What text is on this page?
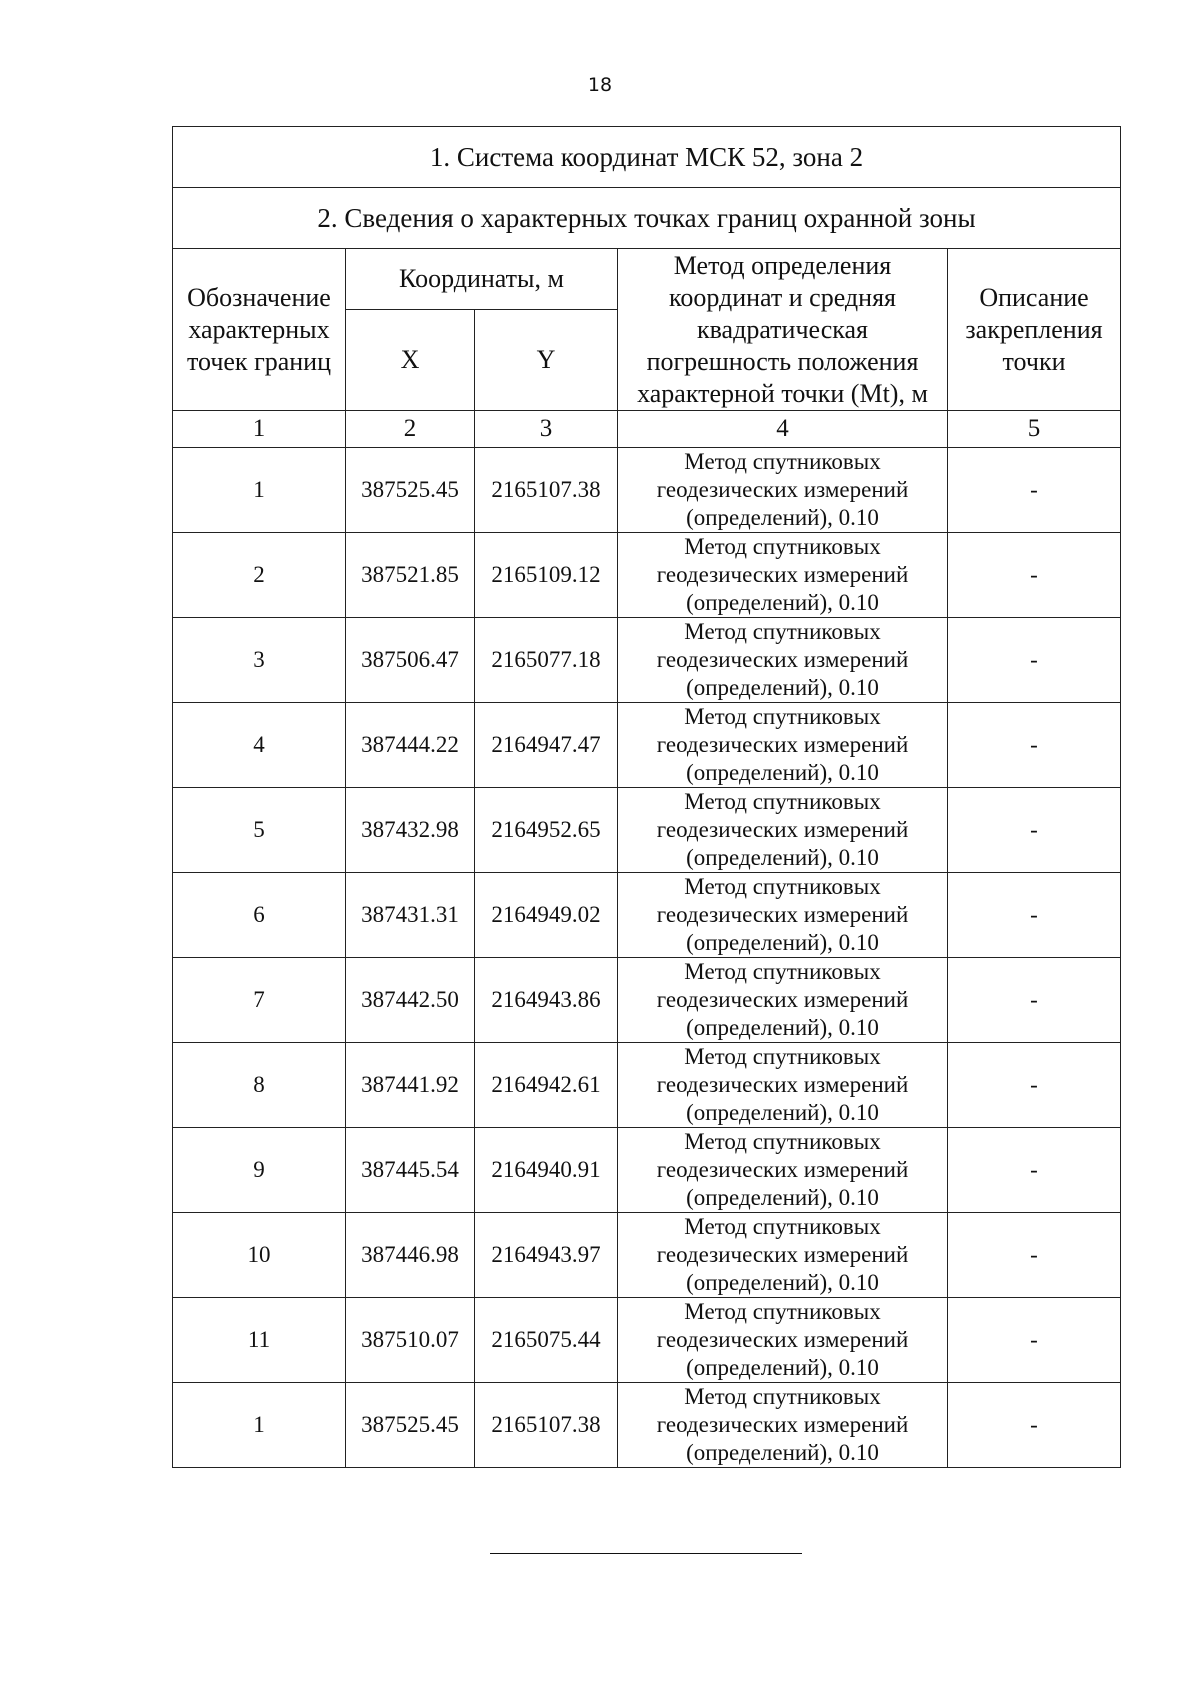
18
1. Система координат МСК 52, зона 2				
2. Сведения о характерных точках границ охранной зоны				
Обозначение характерных точек границ	Координаты, м		Метод определения координат и средняя квадратическая погрешность положения характерной точки (Mt), м	Описание закрепления точки
	X	Y		
1	2	3	4	5
1	387525.45	2165107.38	Метод спутниковых геодезических измерений (определений), 0.10	-
2	387521.85	2165109.12	Метод спутниковых геодезических измерений (определений), 0.10	-
3	387506.47	2165077.18	Метод спутниковых геодезических измерений (определений), 0.10	-
4	387444.22	2164947.47	Метод спутниковых геодезических измерений (определений), 0.10	-
5	387432.98	2164952.65	Метод спутниковых геодезических измерений (определений), 0.10	-
6	387431.31	2164949.02	Метод спутниковых геодезических измерений (определений), 0.10	-
7	387442.50	2164943.86	Метод спутниковых геодезических измерений (определений), 0.10	-
8	387441.92	2164942.61	Метод спутниковых геодезических измерений (определений), 0.10	-
9	387445.54	2164940.91	Метод спутниковых геодезических измерений (определений), 0.10	-
10	387446.98	2164943.97	Метод спутниковых геодезических измерений (определений), 0.10	-
11	387510.07	2165075.44	Метод спутниковых геодезических измерений (определений), 0.10	-
1	387525.45	2165107.38	Метод спутниковых геодезических измерений (определений), 0.10	-
